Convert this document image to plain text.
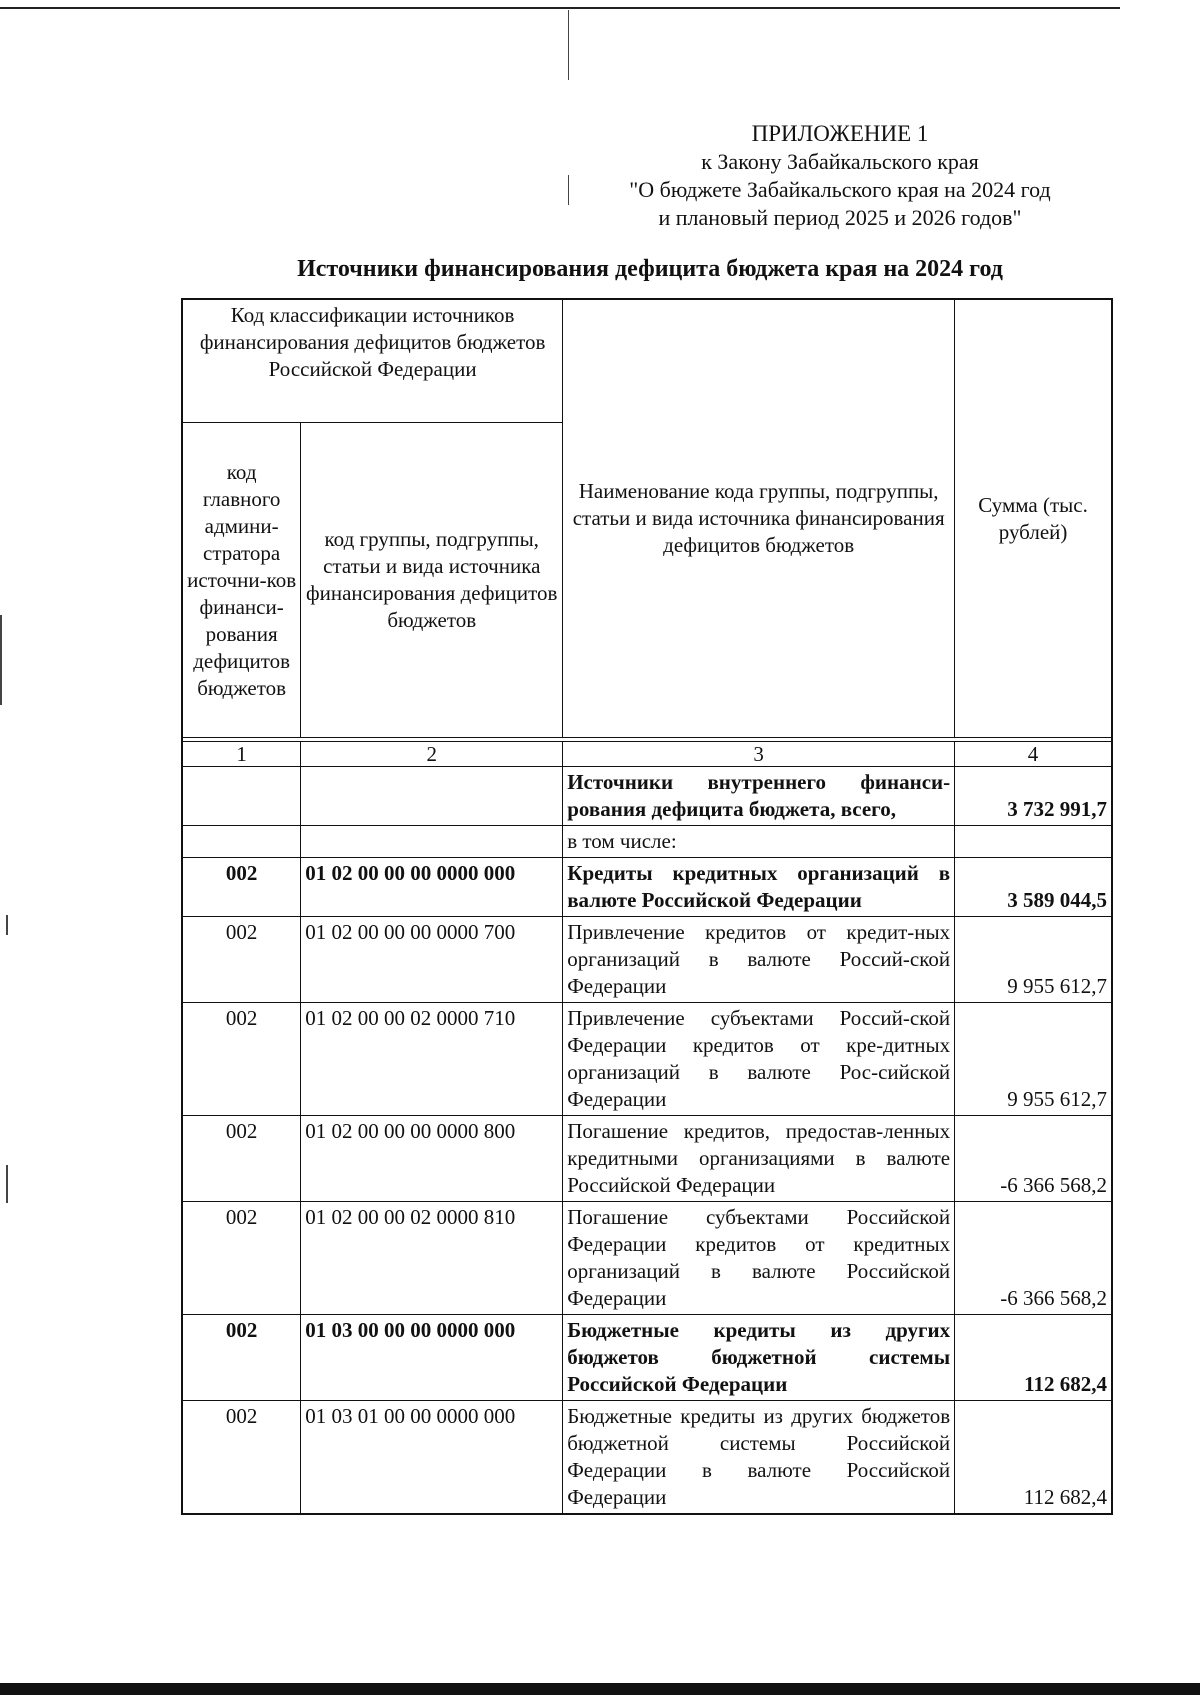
ПРИЛОЖЕНИЕ 1
к Закону Забайкальского края
"О бюджете Забайкальского края на 2024 год
и плановый период 2025 и 2026 годов"
Источники финансирования дефицита бюджета края на 2024 год
Код классификации источников финансирования дефицитов бюджетов Российской Федерации		Наименование кода группы, подгруппы, статьи и вида источника финансирования дефицитов бюджетов	Сумма (тыс. рублей)
код главного админи-стратора источни-ков финанси-рования дефицитов бюджетов	код группы, подгруппы, статьи и вида источника финансирования дефицитов бюджетов		

1	2	3	4
		Источники внутреннего финанси-рования дефицита бюджета, всего,	3 732 991,7
		в том числе:	
002	01 02 00 00 00 0000 000	Кредиты кредитных организаций в валюте Российской Федерации	3 589 044,5
002	01 02 00 00 00 0000 700	Привлечение кредитов от кредит-ных организаций в валюте Россий-ской Федерации	9 955 612,7
002	01 02 00 00 02 0000 710	Привлечение субъектами Россий-ской Федерации кредитов от кре-дитных организаций в валюте Рос-сийской Федерации	9 955 612,7
002	01 02 00 00 00 0000 800	Погашение кредитов, предостав-ленных кредитными организациями в валюте Российской Федерации	-6 366 568,2
002	01 02 00 00 02 0000 810	Погашение субъектами Российской Федерации кредитов от кредитных организаций в валюте Российской Федерации	-6 366 568,2
002	01 03 00 00 00 0000 000	Бюджетные кредиты из других бюджетов бюджетной системы Российской Федерации	112 682,4
002	01 03 01 00 00 0000 000	Бюджетные кредиты из других бюджетов бюджетной системы Российской Федерации в валюте Российской Федерации	112 682,4
